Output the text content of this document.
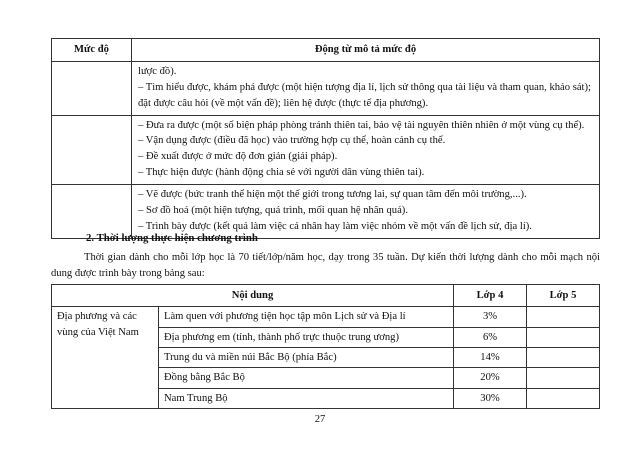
Mức độ	Động từ mô tả mức độ

	lược đồ).
– Tìm hiểu được, khám phá được (một hiện tượng địa lí, lịch sử thông qua tài liệu và tham quan, khảo sát); đặt được câu hỏi (về một vấn đề); liên hệ được (thực tế địa phương).

	– Đưa ra được (một số biện pháp phòng tránh thiên tai, bảo vệ tài nguyên thiên nhiên ở một vùng cụ thể).
– Vận dụng được (điều đã học) vào trường hợp cụ thể, hoàn cảnh cụ thể.
– Đề xuất được ở mức độ đơn giản (giải pháp).
– Thực hiện được (hành động chia sẻ với người dân vùng thiên tai).

	– Vẽ được (bức tranh thể hiện một thế giới trong tương lai, sự quan tâm đến môi trường,...).
– Sơ đồ hoá (một hiện tượng, quá trình, mối quan hệ nhân quả).
– Trình bày được (kết quả làm việc cá nhân hay làm việc nhóm về một vấn đề lịch sử, địa lí).
2. Thời lượng thực hiện chương trình
Thời gian dành cho mỗi lớp học là 70 tiết/lớp/năm học, dạy trong 35 tuần. Dự kiến thời lượng dành cho mỗi mạch nội dung được trình bày trong bảng sau:
Nội dung		Lớp 4	Lớp 5
Địa phương và các vùng của Việt Nam	Làm quen với phương tiện học tập môn Lịch sử và Địa lí	3%	
	Địa phương em (tỉnh, thành phố trực thuộc trung ương)	6%	
	Trung du và miền núi Bắc Bộ (phía Bắc)	14%	
	Đồng bằng Bắc Bộ	20%	
	Nam Trung Bộ	30%	
27
